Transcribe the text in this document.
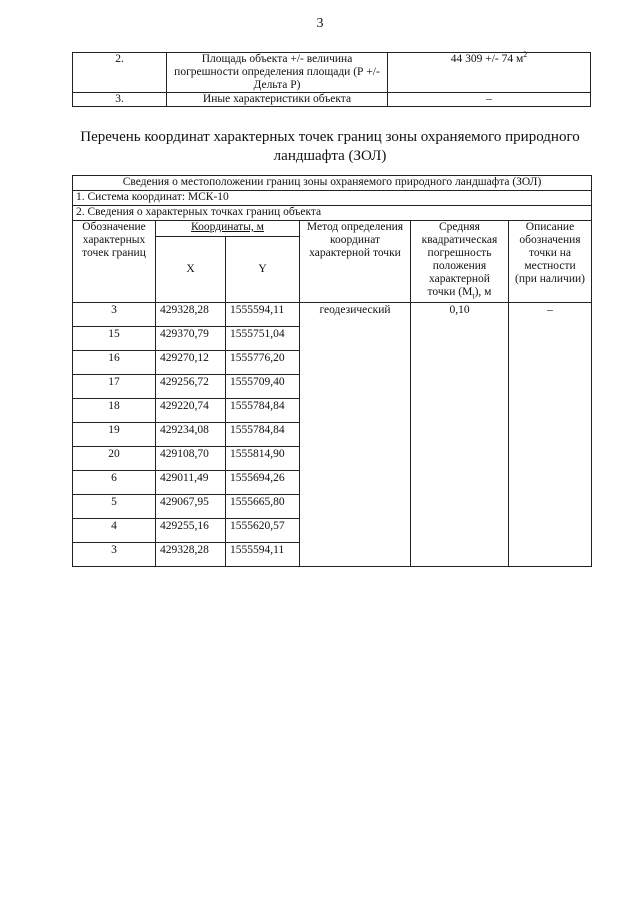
3
2.	Площадь объекта +/- величина погрешности определения площади (Р +/- Дельта Р)	44 309 +/- 74 $м^2$
3.	Иные характеристики объекта	–
Перечень координат характерных точек границ зоны охраняемого природного ландшафта (ЗОЛ)
Сведения о местоположении границ зоны охраняемого природного ландшафта (ЗОЛ)					
1. Система координат: МСК-10					
2. Сведения о характерных точках границ объекта					
Обозначение характерных точек границ	Координаты, м		Метод определения координат характерной точки	Средняя квадратическая погрешность положения характерной точки $(M_t)$, м	Описание обозначения точки на местности (при наличии)
	X	Y			
3	429328,28	1555594,11	геодезический	0,10	–
15	429370,79	1555751,04			
16	429270,12	1555776,20			
17	429256,72	1555709,40			
18	429220,74	1555784,84			
19	429234,08	1555784,84			
20	429108,70	1555814,90			
6	429011,49	1555694,26			
5	429067,95	1555665,80			
4	429255,16	1555620,57			
3	429328,28	1555594,11			
